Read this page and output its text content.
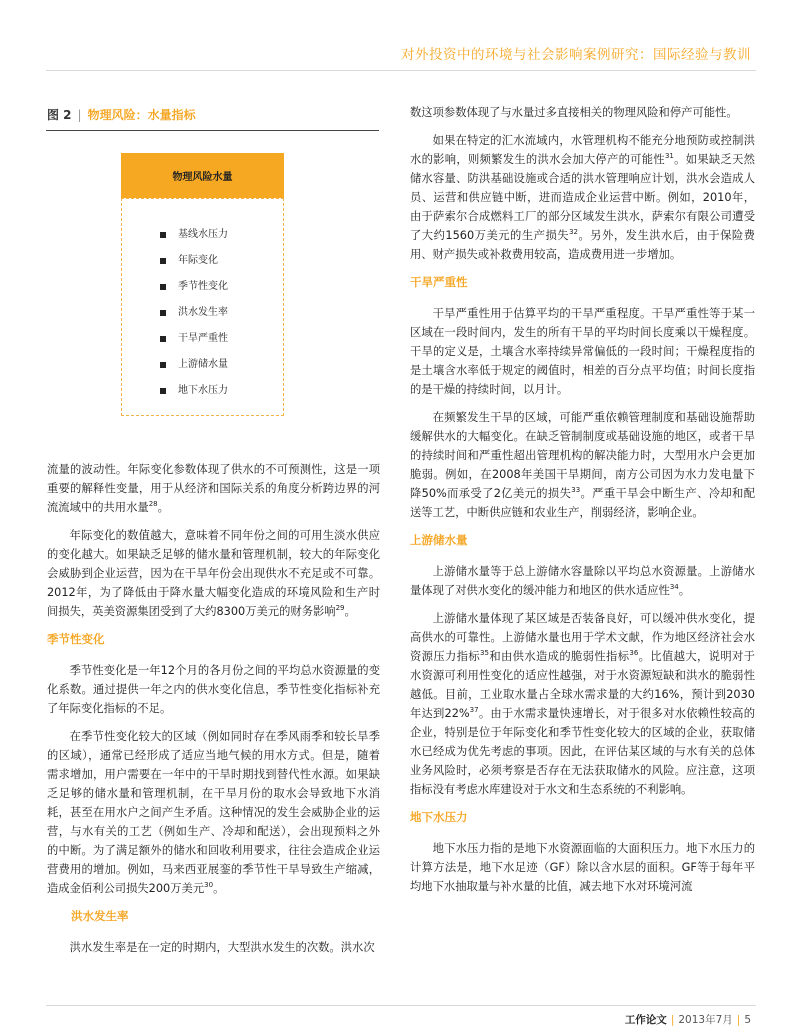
对外投资中的环境与社会影响案例研究：国际经验与教训
图 2 | 物理风险：水量指标
物理风险水量
基线水压力
年际变化
季节性变化
洪水发生率
干旱严重性
上游储水量
地下水压力

流量的波动性。年际变化参数体现了供水的不可预测性，这是一项重要的解释性变量，用于从经济和国际关系的角度分析跨边界的河流流域中的共用水量$^{28}$。

年际变化的数值越大，意味着不同年份之间的可用生淡水供应的变化越大。如果缺乏足够的储水量和管理机制，较大的年际变化会威胁到企业运营，因为在干旱年份会出现供水不充足或不可靠。2012年，为了降低由于降水量大幅变化造成的环境风险和生产时间损失，英美资源集团受到了大约8300万美元的财务影响$^{29}$。

季节性变化

季节性变化是一年12个月的各月份之间的平均总水资源量的变化系数。通过提供一年之内的供水变化信息，季节性变化指标补充了年际变化指标的不足。

在季节性变化较大的区域（例如同时存在季风雨季和较长旱季的区域），通常已经形成了适应当地气候的用水方式。但是，随着需求增加，用户需要在一年中的干旱时期找到替代性水源。如果缺乏足够的储水量和管理机制，在干旱月份的取水会导致地下水消耗，甚至在用水户之间产生矛盾。这种情况的发生会威胁企业的运营，与水有关的工艺（例如生产、冷却和配送），会出现预料之外的中断。为了满足额外的储水和回收利用要求，往往会造成企业运营费用的增加。例如，马来西亚展銮的季节性干旱导致生产缩减，造成金佰利公司损失200万美元$^{30}$。

洪水发生率

洪水发生率是在一定的时期内，大型洪水发生的次数。洪水次

数这项参数体现了与水量过多直接相关的物理风险和停产可能性。

如果在特定的汇水流域内，水管理机构不能充分地预防或控制洪水的影响，则频繁发生的洪水会加大停产的可能性$^{31}$。如果缺乏天然储水容量、防洪基础设施或合适的洪水管理响应计划，洪水会造成人员、运营和供应链中断，进而造成企业运营中断。例如，2010年，由于萨索尔合成燃料工厂的部分区域发生洪水，萨索尔有限公司遭受了大约1560万美元的生产损失$^{32}$。另外，发生洪水后，由于保险费用、财产损失或补救费用较高，造成费用进一步增加。

干旱严重性

干旱严重性用于估算平均的干旱严重程度。干旱严重性等于某一区域在一段时间内，发生的所有干旱的平均时间长度乘以干燥程度。干旱的定义是，土壤含水率持续异常偏低的一段时间；干燥程度指的是土壤含水率低于规定的阈值时，相差的百分点平均值；时间长度指的是干燥的持续时间，以月计。

在频繁发生干旱的区域，可能严重依赖管理制度和基础设施帮助缓解供水的大幅变化。在缺乏管制制度或基础设施的地区，或者干旱的持续时间和严重性超出管理机构的解决能力时，大型用水户会更加脆弱。例如，在2008年美国干旱期间，南方公司因为水力发电量下降50%而承受了2亿美元的损失$^{33}$。严重干旱会中断生产、冷却和配送等工艺，中断供应链和农业生产，削弱经济，影响企业。

上游储水量

上游储水量等于总上游储水容量除以平均总水资源量。上游储水量体现了对供水变化的缓冲能力和地区的供水适应性$^{34}$。

上游储水量体现了某区域是否装备良好，可以缓冲供水变化，提高供水的可靠性。上游储水量也用于学术文献，作为地区经济社会水资源压力指标$^{35}$和由供水造成的脆弱性指标$^{36}$。比值越大，说明对于水资源可利用性变化的适应性越强，对于水资源短缺和洪水的脆弱性越低。目前，工业取水量占全球水需求量的大约16%，预计到2030年达到22%$^{37}$。由于水需求量快速增长，对于很多对水依赖性较高的企业，特别是位于年际变化和季节性变化较大的区域的企业，获取储水已经成为优先考虑的事项。因此，在评估某区域的与水有关的总体业务风险时，必须考察是否存在无法获取储水的风险。应注意，这项指标没有考虑水库建设对于水文和生态系统的不利影响。

地下水压力

地下水压力指的是地下水资源面临的大面积压力。地下水压力的计算方法是，地下水足迹（GF）除以含水层的面积。GF等于每年平均地下水抽取量与补水量的比值，减去地下水对环境河流

工作论文 | 2013年7月 | 5
